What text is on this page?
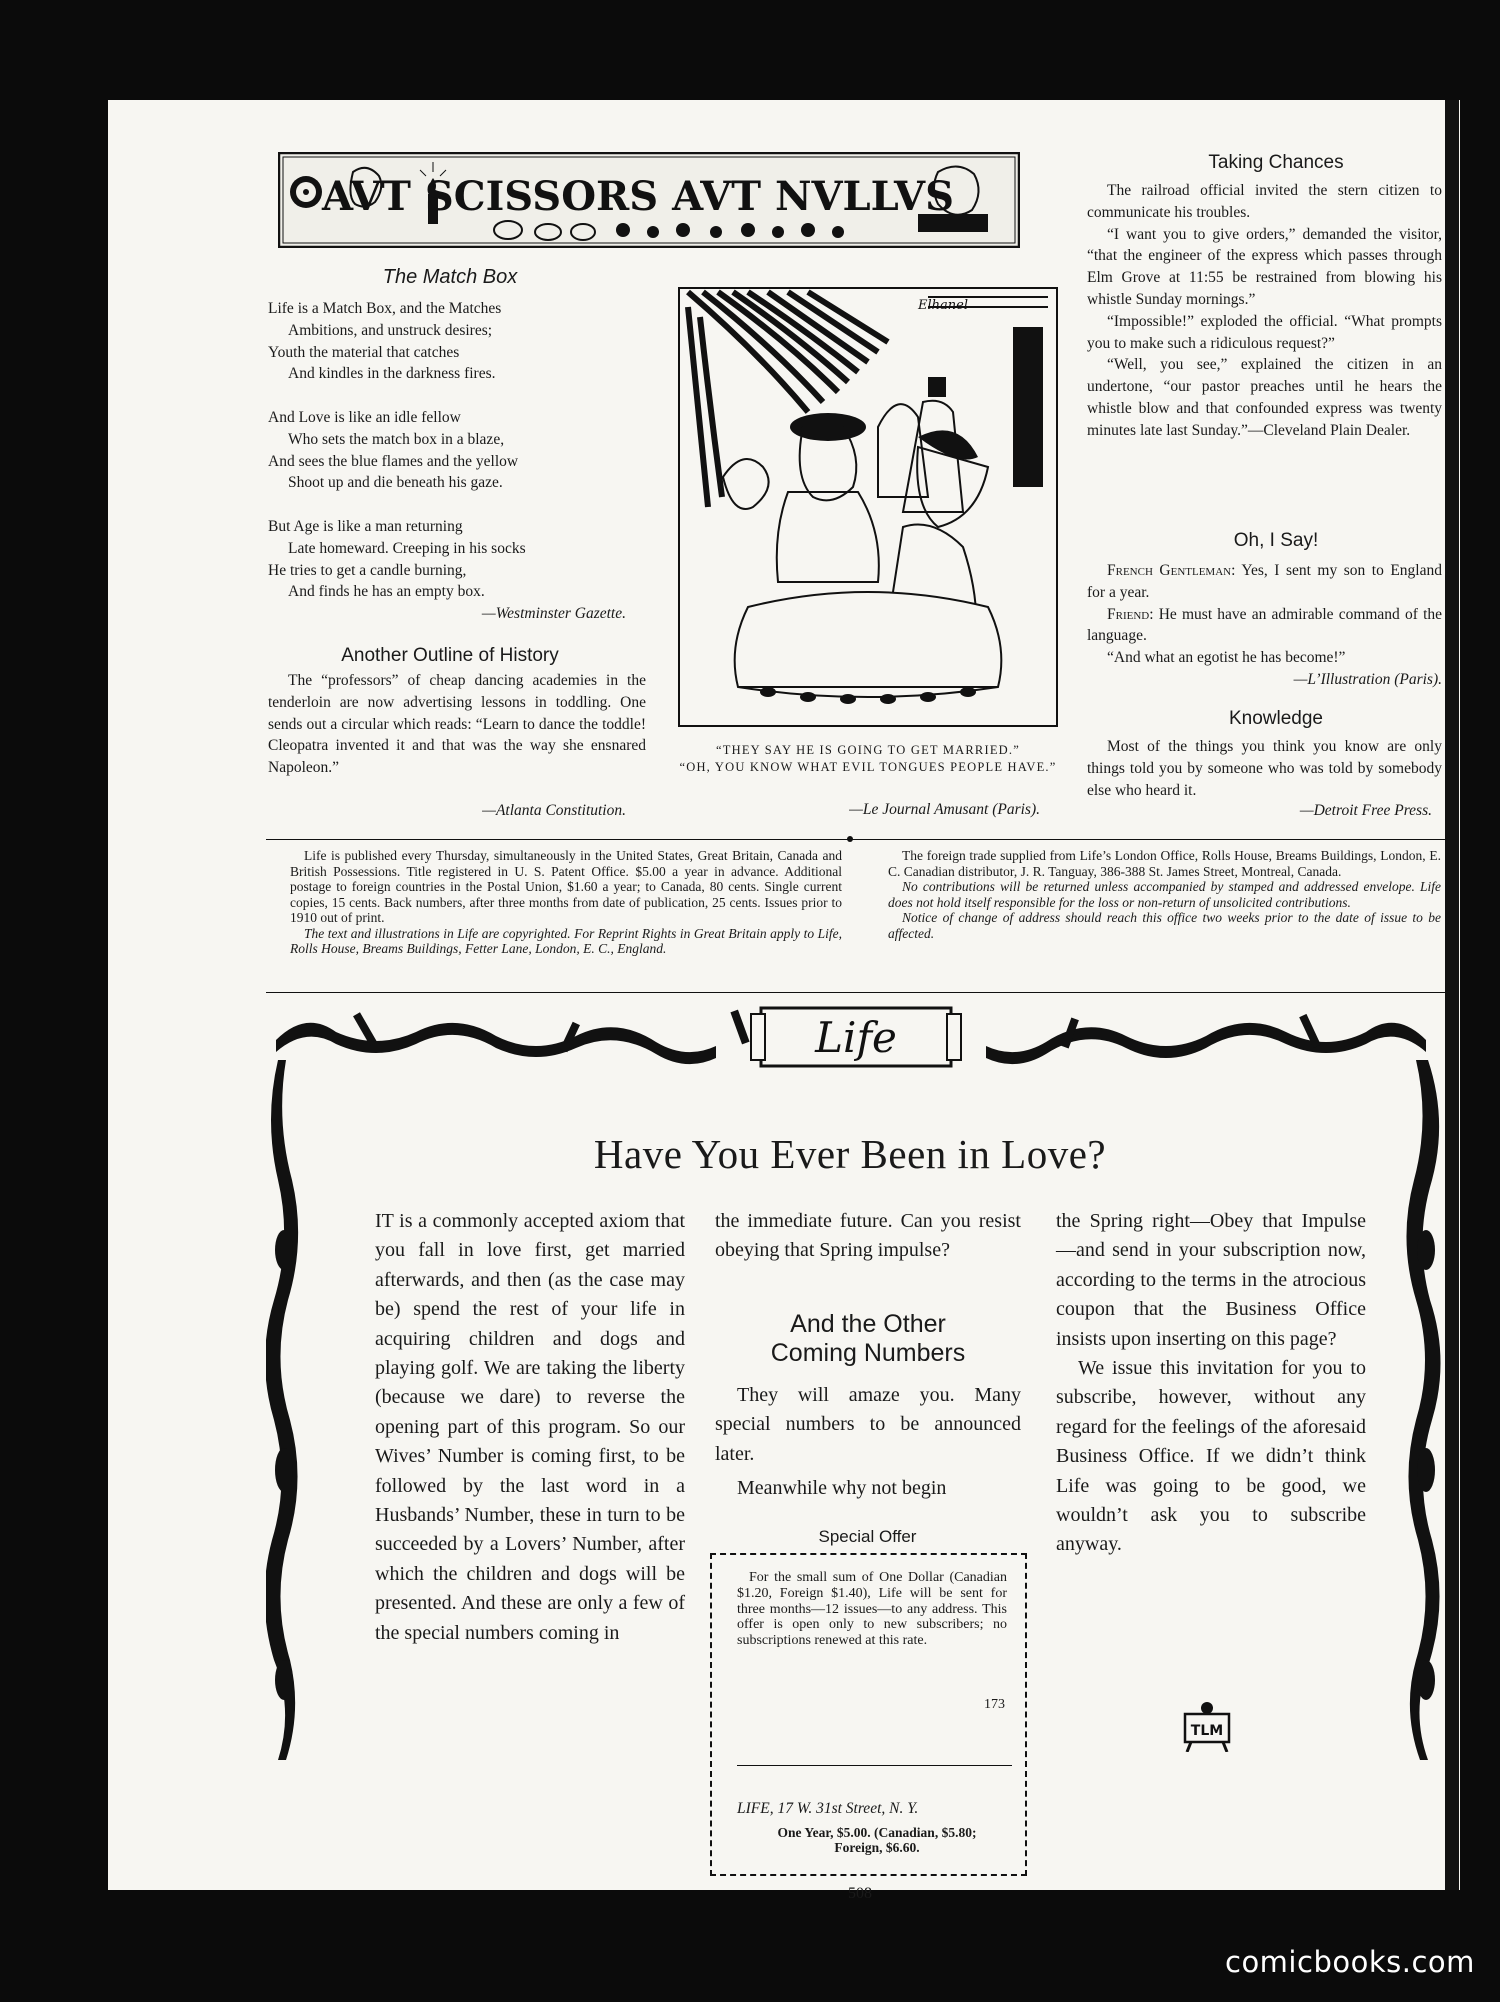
AVT SCISSORS AVT NVLLVS
The Match Box
Life is a Match Box, and the Matches
Ambitions, and unstruck desires;
Youth the material that catches
And kindles in the darkness fires.
And Love is like an idle fellow
Who sets the match box in a blaze,
And sees the blue flames and the yellow
Shoot up and die beneath his gaze.
But Age is like a man returning
Late homeward. Creeping in his socks
He tries to get a candle burning,
And finds he has an empty box.
—Westminster Gazette.
Another Outline of History
The “professors” of cheap dancing academies in the tenderloin are now advertising lessons in toddling. One sends out a circular which reads: “Learn to dance the toddle! Cleopatra invented it and that was the way she ensnared Napoleon.”
—Atlanta Constitution.
Elhanel
“THEY SAY HE IS GOING TO GET MARRIED.”
“OH, YOU KNOW WHAT EVIL TONGUES PEOPLE HAVE.”
—Le Journal Amusant (Paris).
Taking Chances
The railroad official invited the stern citizen to communicate his troubles.
“I want you to give orders,” demanded the visitor, “that the engineer of the express which passes through Elm Grove at 11:55 be restrained from blowing his whistle Sunday mornings.”
“Impossible!” exploded the official. “What prompts you to make such a ridiculous request?”
“Well, you see,” explained the citizen in an undertone, “our pastor preaches until he hears the whistle blow and that confounded express was twenty minutes late last Sunday.”—Cleveland Plain Dealer.
Oh, I Say!
French Gentleman: Yes, I sent my son to England for a year.
Friend: He must have an admirable command of the language.
“And what an egotist he has become!”
—L’Illustration (Paris).
Knowledge
Most of the things you think you know are only things told you by someone who was told by somebody else who heard it.
—Detroit Free Press.
Life is published every Thursday, simultaneously in the United States, Great Britain, Canada and British Possessions. Title registered in U. S. Patent Office. $5.00 a year in advance. Additional postage to foreign countries in the Postal Union, $1.60 a year; to Canada, 80 cents. Single current copies, 15 cents. Back numbers, after three months from date of publication, 25 cents. Issues prior to 1910 out of print.
The text and illustrations in Life are copyrighted. For Reprint Rights in Great Britain apply to Life, Rolls House, Breams Buildings, Fetter Lane, London, E. C., England.
The foreign trade supplied from Life’s London Office, Rolls House, Breams Buildings, London, E. C. Canadian distributor, J. R. Tanguay, 386-388 St. James Street, Montreal, Canada.
No contributions will be returned unless accompanied by stamped and addressed envelope. Life does not hold itself responsible for the loss or non-return of unsolicited contributions.
Notice of change of address should reach this office two weeks prior to the date of issue to be affected.
Life
Have You Ever Been in Love?
IT is a commonly accepted axiom that you fall in love first, get married afterwards, and then (as the case may be) spend the rest of your life in acquiring children and dogs and playing golf. We are taking the liberty (because we dare) to reverse the opening part of this program. So our Wives’ Number is coming first, to be followed by the last word in a Husbands’ Number, these in turn to be succeeded by a Lovers’ Number, after which the children and dogs will be presented. And these are only a few of the special numbers coming in
the immediate future. Can you resist obeying that Spring impulse?
And the Other
Coming Numbers
They will amaze you. Many special numbers to be announced later.
Meanwhile why not begin
the Spring right—Obey that Impulse—and send in your subscription now, according to the terms in the atrocious coupon that the Business Office insists upon inserting on this page?
We issue this invitation for you to subscribe, however, without any regard for the feelings of the aforesaid Business Office. If we didn’t think Life was going to be good, we wouldn’t ask you to subscribe anyway.
Special Offer
For the small sum of One Dollar (Canadian $1.20, Foreign $1.40), Life will be sent for three months—12 issues—to any address. This offer is open only to new subscribers; no subscriptions renewed at this rate.
173
LIFE, 17 W. 31st Street, N. Y.
One Year, $5.00. (Canadian, $5.80; Foreign, $6.60.
TLM
508
comicbooks.com
